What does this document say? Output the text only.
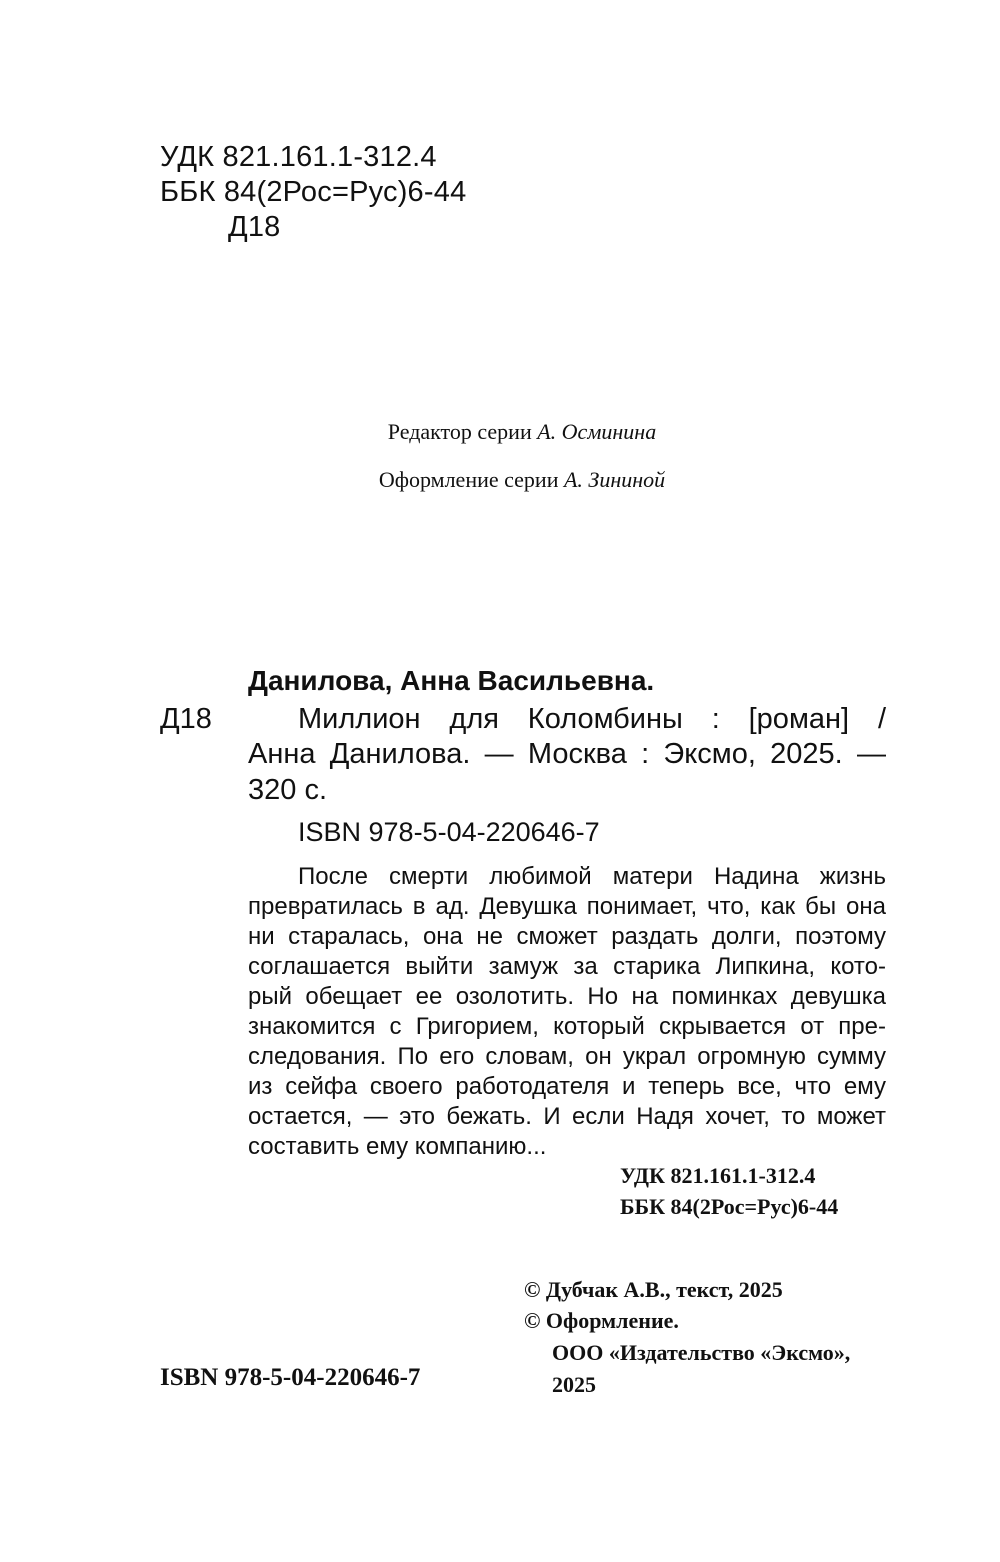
УДК 821.161.1-312.4
ББК 84(2Рос=Рус)6-44
Д18
Редактор серии А. Осминина
Оформление серии А. Зининой
Данилова, Анна Васильевна.
Д18	Миллион для Коломбины : [роман] /
Анна Данилова. — Москва : Эксмо, 2025. —
320 с.
ISBN 978-5-04-220646-7
После смерти любимой матери Надина жизнь
превратилась в ад. Девушка понимает, что, как бы она
ни старалась, она не сможет раздать долги, поэтому
соглашается выйти замуж за старика Липкина, кото-
рый обещает ее озолотить. Но на поминках девушка
знакомится с Григорием, который скрывается от пре-
следования. По его словам, он украл огромную сумму
из сейфа своего работодателя и теперь все, что ему
остается, — это бежать. И если Надя хочет, то может
составить ему компанию...
УДК 821.161.1-312.4
ББК 84(2Рос=Рус)6-44
© Дубчак А.В., текст, 2025
© Оформление.
ООО «Издательство «Эксмо»,
2025
ISBN 978-5-04-220646-7
